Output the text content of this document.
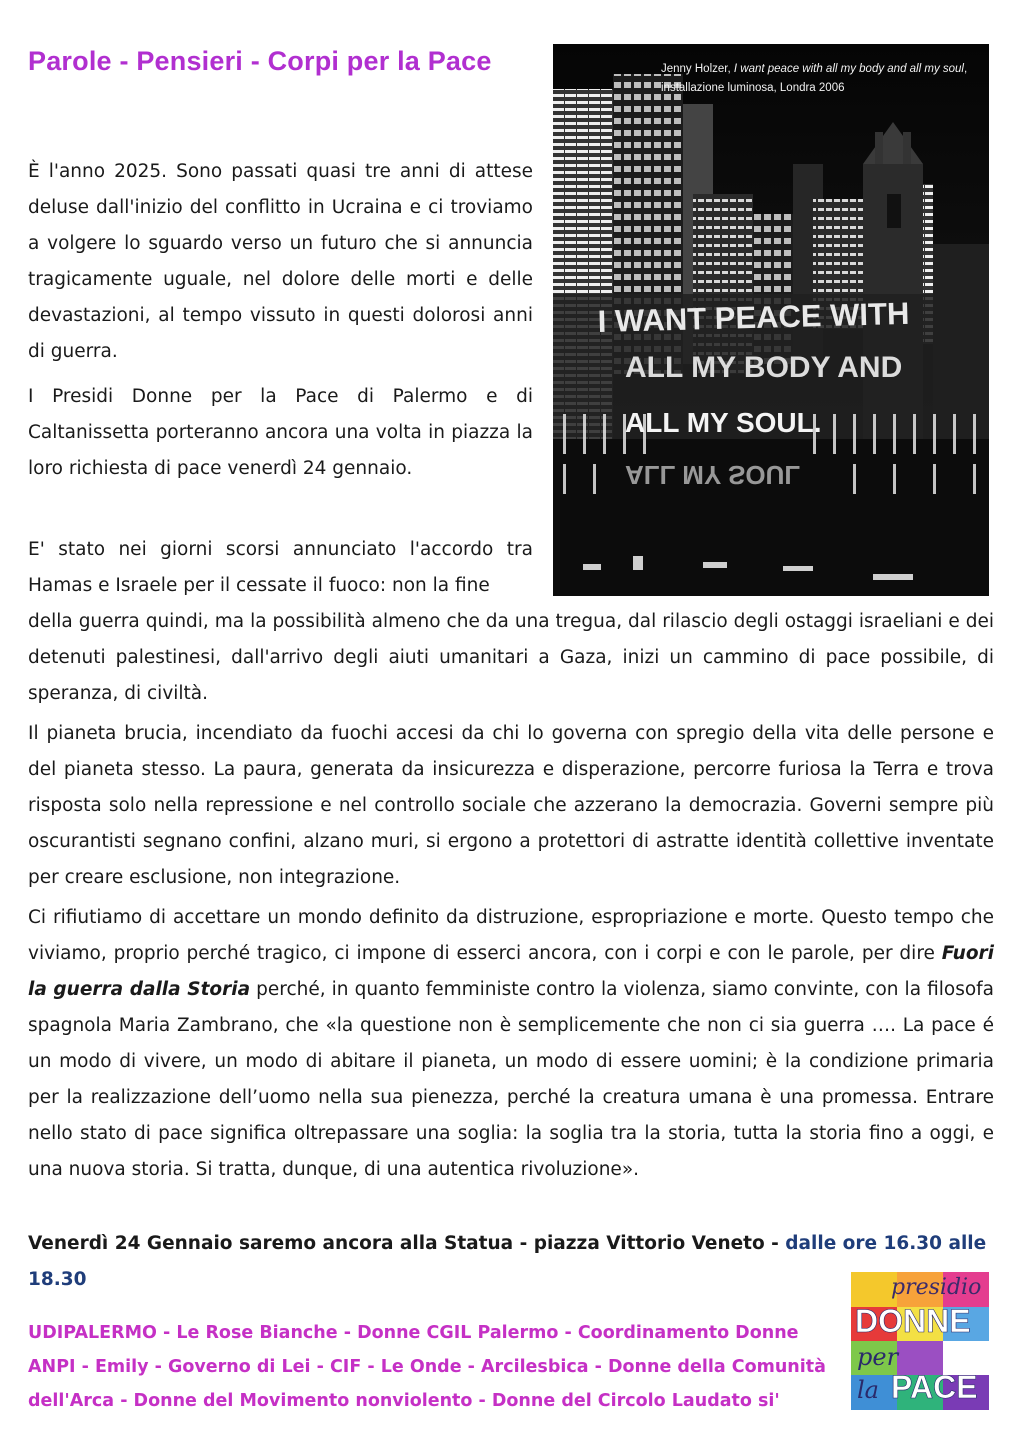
Parole - Pensieri - Corpi per la Pace
I WANT PEACE WITH
ALL MY BODY AND
ALL MY SOUL.
ALL MY SOUL
Jenny Holzer, I want peace with all my body and all my soul, installazione luminosa, Londra 2006

È l'anno 2025. Sono passati quasi tre anni di attese deluse dall'inizio del conflitto in Ucraina e ci troviamo a volgere lo sguardo verso un futuro che si annuncia tragicamente uguale, nel dolore delle morti e delle devastazioni, al tempo vissuto in questi dolorosi anni di guerra.

I Presidi Donne per la Pace di Palermo e di Caltanissetta porteranno ancora una volta in piazza la loro richiesta di pace venerdì 24 gennaio.

E' stato nei giorni scorsi annunciato l'accordo tra Hamas e Israele per il cessate il fuoco: non la fine

della guerra quindi, ma la possibilità almeno che da una tregua, dal rilascio degli ostaggi israeliani e dei detenuti palestinesi, dall'arrivo degli aiuti umanitari a Gaza, inizi un cammino di pace possibile, di speranza, di civiltà.

Il pianeta brucia, incendiato da fuochi accesi da chi lo governa con spregio della vita delle persone e del pianeta stesso. La paura, generata da insicurezza e disperazione, percorre furiosa la Terra e trova risposta solo nella repressione e nel controllo sociale che azzerano la democrazia. Governi sempre più oscurantisti segnano confini, alzano muri, si ergono a protettori di astratte identità collettive inventate per creare esclusione, non integrazione.

Ci rifiutiamo di accettare un mondo definito da distruzione, espropriazione e morte. Questo tempo che viviamo, proprio perché tragico, ci impone di esserci ancora, con i corpi e con le parole, per dire Fuori la guerra dalla Storia perché, in quanto femministe contro la violenza, siamo convinte, con la filosofa spagnola Maria Zambrano, che «la questione non è semplicemente che non ci sia guerra …. La pace é un modo di vivere, un modo di abitare il pianeta, un modo di essere uomini; è la condizione primaria per la realizzazione dell’uomo nella sua pienezza, perché la creatura umana è una promessa. Entrare nello stato di pace significa oltrepassare una soglia: la soglia tra la storia, tutta la storia fino a oggi, e una nuova storia. Si tratta, dunque, di una autentica rivoluzione».

Venerdì 24 Gennaio saremo ancora alla Statua - piazza Vittorio Veneto - dalle ore 16.30 alle 18.30

UDIPALERMO - Le Rose Bianche - Donne CGIL Palermo - Coordinamento Donne ANPI - Emily - Governo di Lei - CIF - Le Onde - Arcilesbica - Donne della Comunità dell'Arca - Donne del Movimento nonviolento - Donne del Circolo Laudato si'

presidio
DONNE
per
la PACE
